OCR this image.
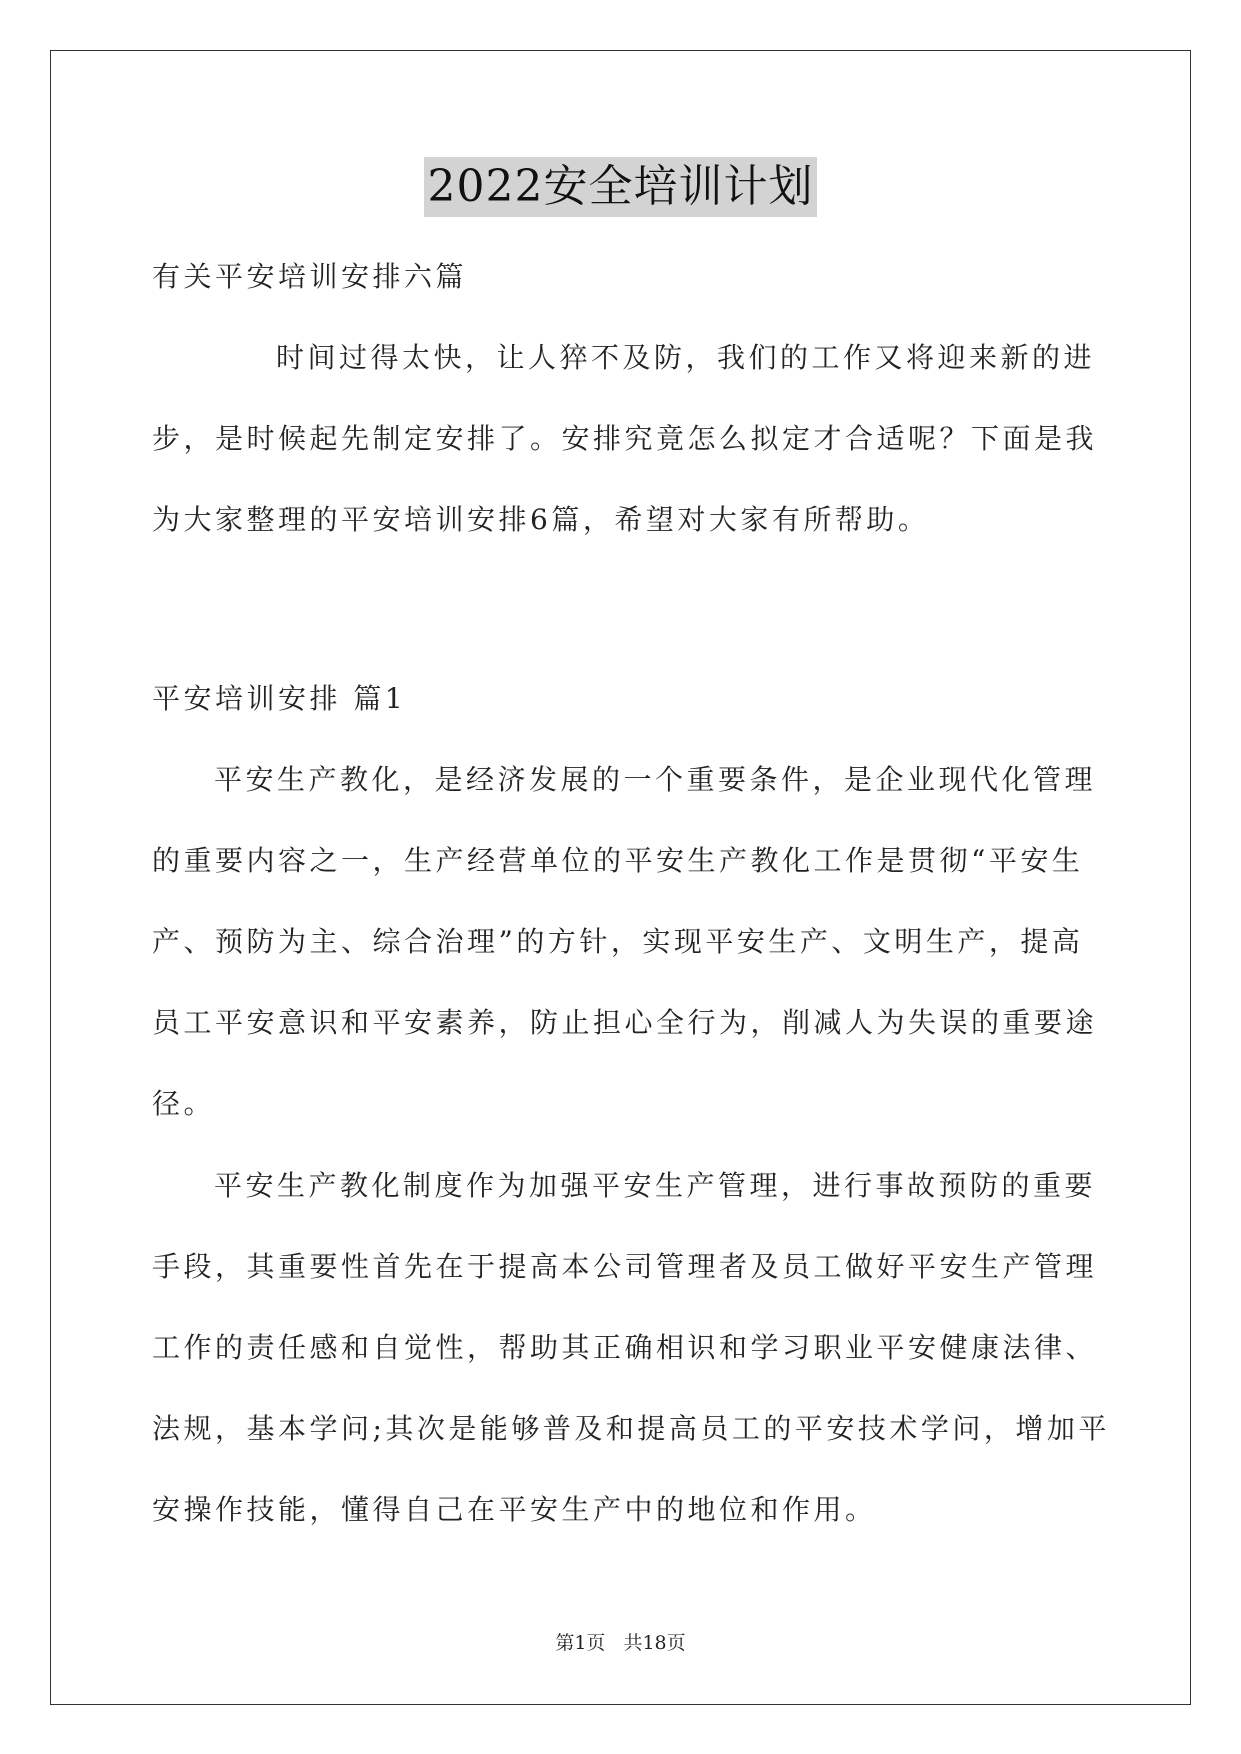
2022安全培训计划
有关平安培训安排六篇
时间过得太快，让人猝不及防，我们的工作又将迎来新的进
步，是时候起先制定安排了。安排究竟怎么拟定才合适呢？下面是我
为大家整理的平安培训安排6篇，希望对大家有所帮助。
平安培训安排 篇1
平安生产教化，是经济发展的一个重要条件，是企业现代化管理
的重要内容之一，生产经营单位的平安生产教化工作是贯彻“平安生
产、预防为主、综合治理”的方针，实现平安生产、文明生产，提高
员工平安意识和平安素养，防止担心全行为，削减人为失误的重要途
径。
平安生产教化制度作为加强平安生产管理，进行事故预防的重要
手段，其重要性首先在于提高本公司管理者及员工做好平安生产管理
工作的责任感和自觉性，帮助其正确相识和学习职业平安健康法律、
法规，基本学问;其次是能够普及和提高员工的平安技术学问，增加平
安操作技能，懂得自己在平安生产中的地位和作用。
第1页 共18页
